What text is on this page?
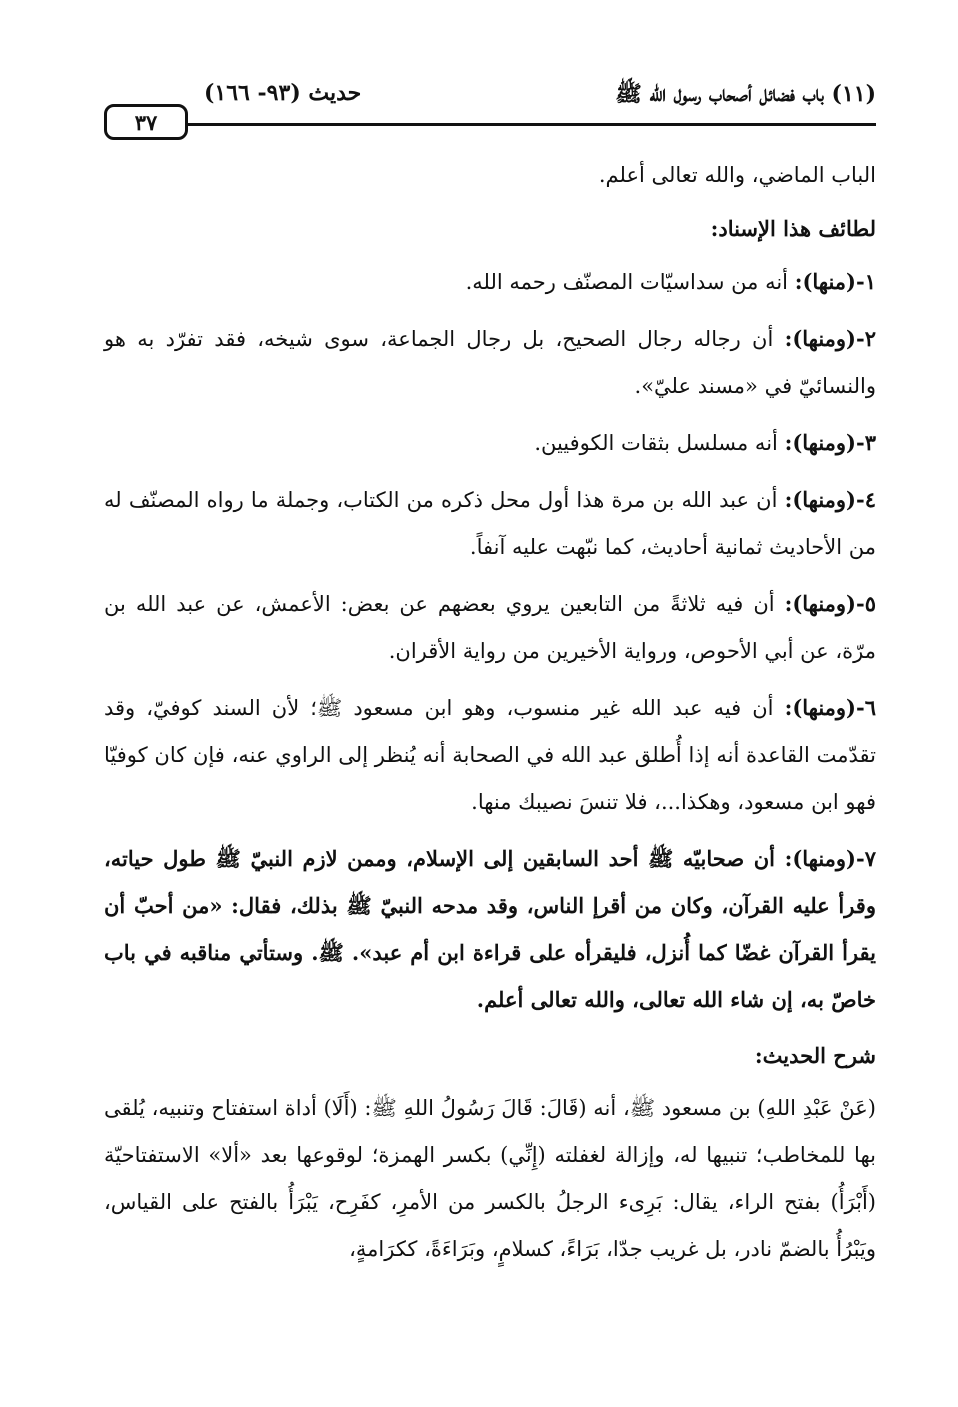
٣٧
حديث (٩٣- ١٦٦)	(١١) باب فضائل أصحاب رسول الله ﷺ

الباب الماضي، والله تعالى أعلم.

لطائف هذا الإسناد:

١-(منها): أنه من سداسيّات المصنّف رحمه الله.

٢-(ومنها): أن رجاله رجال الصحيح، بل رجال الجماعة، سوى شيخه، فقد تفرّد به هو والنسائيّ في «مسند عليّ».

٣-(ومنها): أنه مسلسل بثقات الكوفيين.

٤-(ومنها): أن عبد الله بن مرة هذا أول محل ذكره من الكتاب، وجملة ما رواه المصنّف له من الأحاديث ثمانية أحاديث، كما نبّهت عليه آنفاً.

٥-(ومنها): أن فيه ثلاثةً من التابعين يروي بعضهم عن بعض: الأعمش، عن عبد الله بن مرّة، عن أبي الأحوص، ورواية الأخيرين من رواية الأقران.

٦-(ومنها): أن فيه عبد الله غير منسوب، وهو ابن مسعود ﷺ؛ لأن السند كوفيّ، وقد تقدّمت القاعدة أنه إذا أُطلق عبد الله في الصحابة أنه يُنظر إلى الراوي عنه، فإن كان كوفيّا فهو ابن مسعود، وهكذا...، فلا تنسَ نصيبك منها.

٧-(ومنها): أن صحابيّه ﷺ أحد السابقين إلى الإسلام، وممن لازم النبيّ ﷺ طول حياته، وقرأ عليه القرآن، وكان من أقرإ الناس، وقد مدحه النبيّ ﷺ بذلك، فقال: «من أحبّ أن يقرأ القرآن غضّا كما أُنزل، فليقرأه على قراءة ابن أم عبد». ﷺ. وستأتي مناقبه في باب خاصّ به، إن شاء الله تعالى، والله تعالى أعلم.

شرح الحديث:

(عَنْ عَبْدِ اللهِ) بن مسعود ﷺ، أنه (قَالَ: قَالَ رَسُولُ اللهِ ﷺ: (أَلَا) أداة استفتاح وتنبيه، يُلقى بها للمخاطب؛ تنبيها له، وإزالة لغفلته (إِنِّي) بكسر الهمزة؛ لوقوعها بعد «ألا» الاستفتاحيّة (أَبْرَأُ) بفتح الراء، يقال: بَرِىء الرجلُ بالكسر من الأمرِ، كفَرِح، يَبْرَأُ بالفتح على القياس، ويَبْرُأُ بالضمّ نادر، بل غريب جدّا، بَرَاءً، كسلامٍ، وبَرَاءَةً، ككرَامةٍ،
